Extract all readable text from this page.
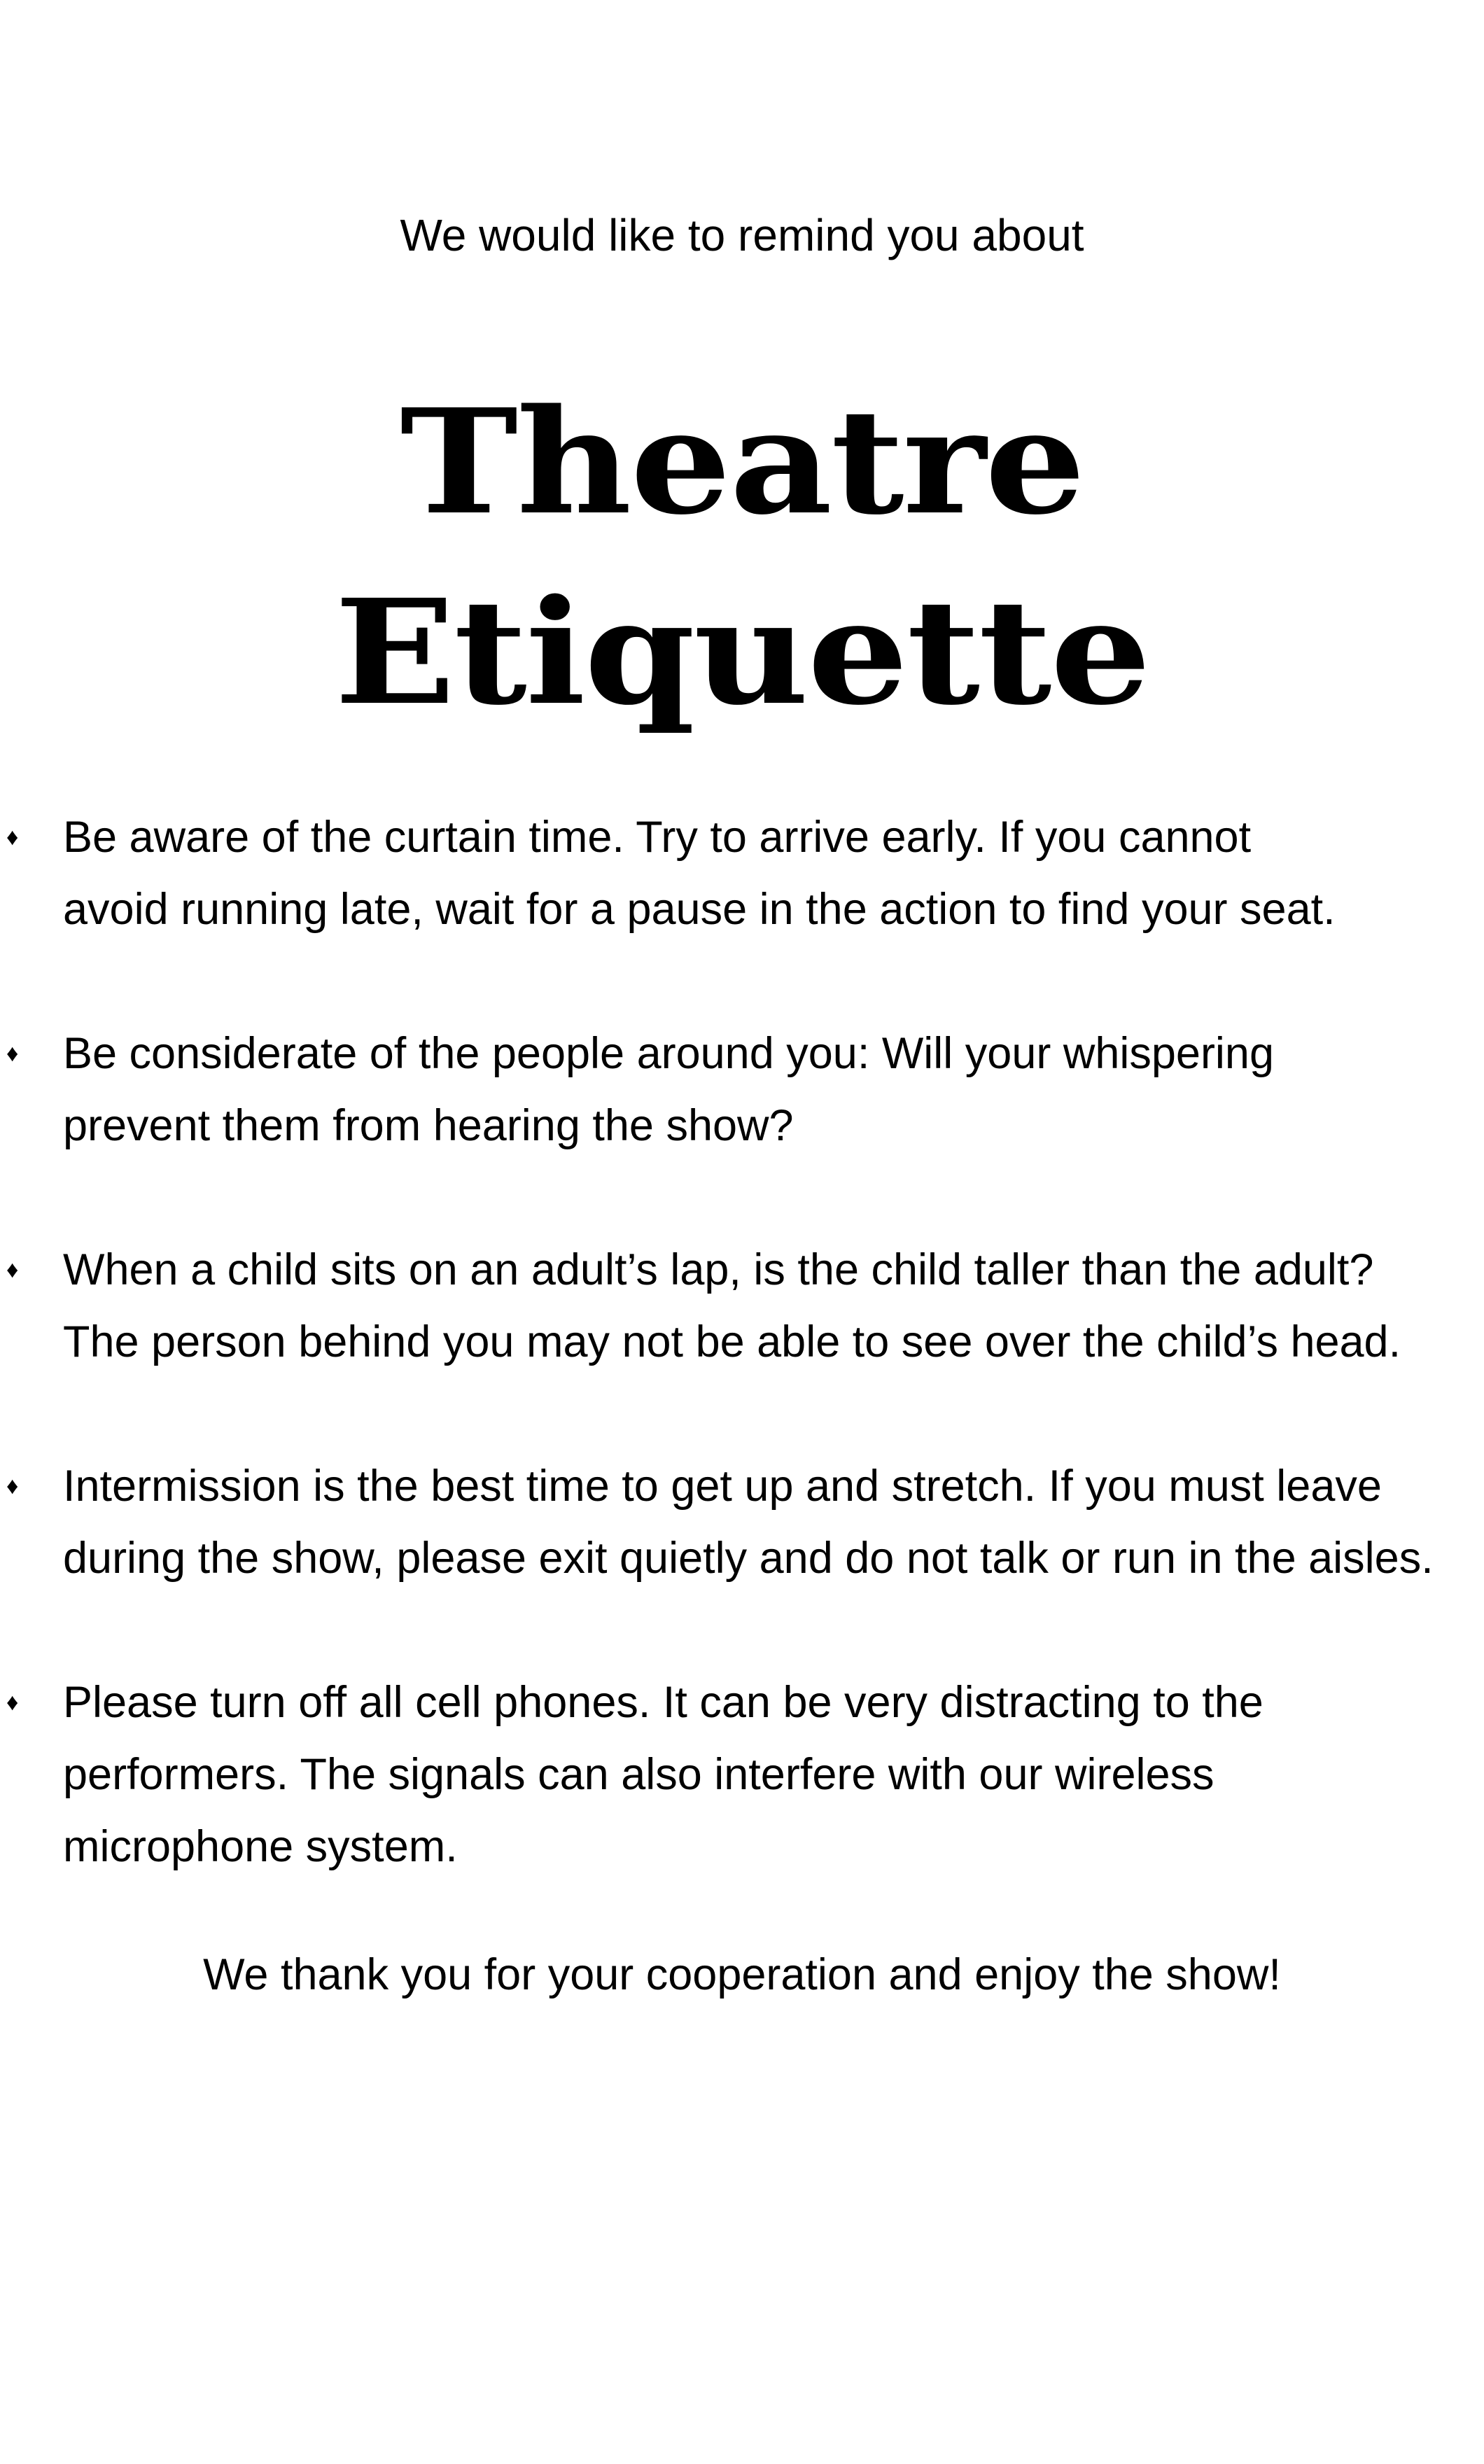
We would like to remind you about
Theatre
Etiquette
♦ Be aware of the curtain time. Try to arrive early. If you cannot
avoid running late, wait for a pause in the action to find your seat.
♦ Be considerate of the people around you: Will your whispering
prevent them from hearing the show?
♦ When a child sits on an adult’s lap, is the child taller than the adult?
The person behind you may not be able to see over the child’s head.
♦ Intermission is the best time to get up and stretch. If you must leave
during the show, please exit quietly and do not talk or run in the aisles.
♦ Please turn off all cell phones. It can be very distracting to the
performers. The signals can also interfere with our wireless
microphone system.
We thank you for your cooperation and enjoy the show!
